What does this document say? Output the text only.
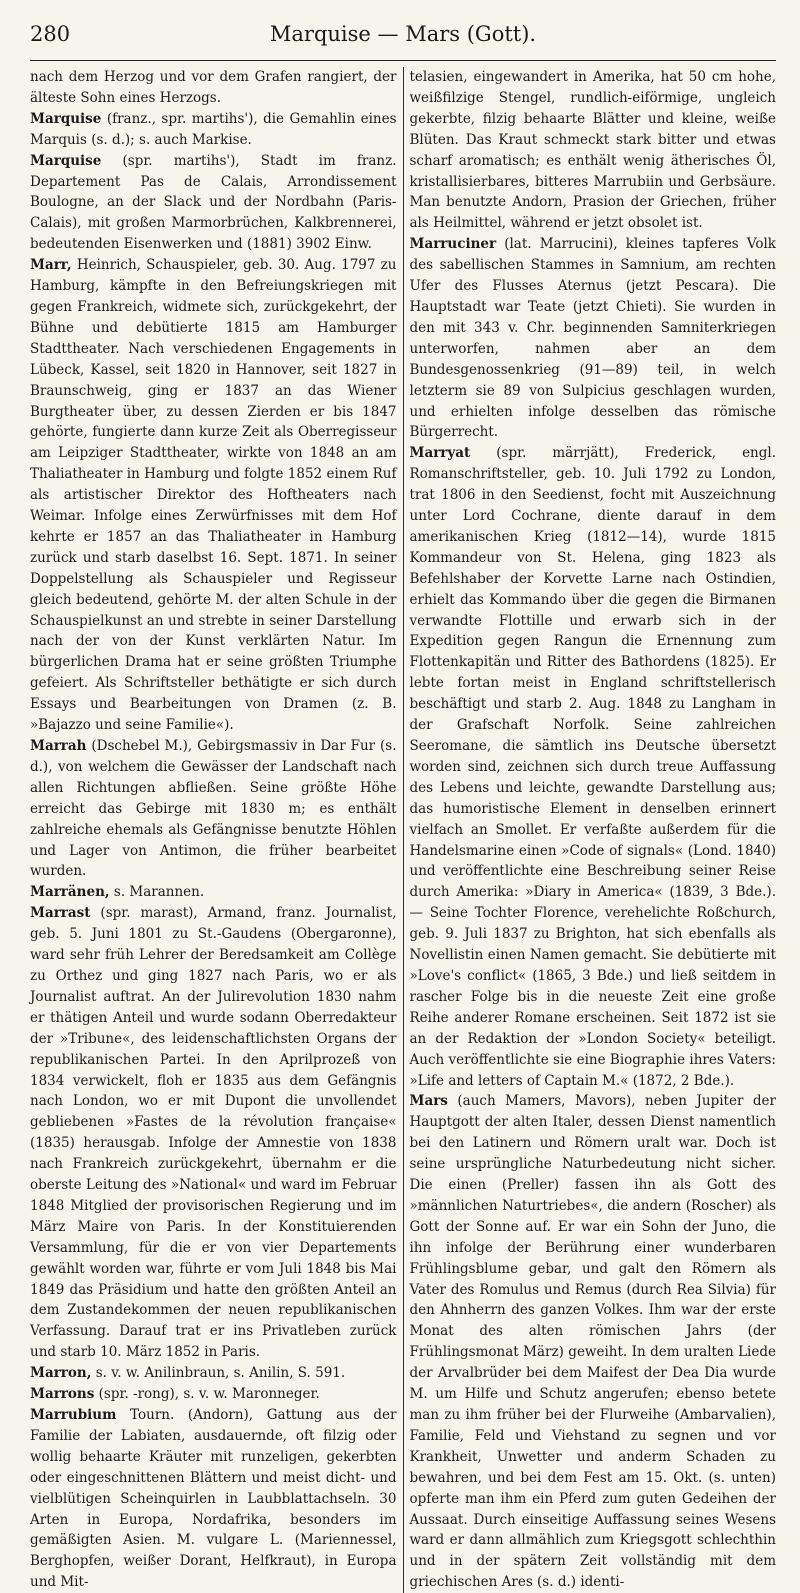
280	Marquise — Mars (Gott).

nach dem Herzog und vor dem Grafen rangiert, der älteste Sohn eines Herzogs.

Marquise (franz., spr. martihs'), die Gemahlin eines Marquis (s. d.); s. auch Markise.

Marquise (spr. martihs'), Stadt im franz. Departement Pas de Calais, Arrondissement Boulogne, an der Slack und der Nordbahn (Paris-Calais), mit großen Marmorbrüchen, Kalkbrennerei, bedeutenden Eisenwerken und (1881) 3902 Einw.

Marr, Heinrich, Schauspieler, geb. 30. Aug. 1797 zu Hamburg, kämpfte in den Befreiungskriegen mit gegen Frankreich, widmete sich, zurückgekehrt, der Bühne und debütierte 1815 am Hamburger Stadttheater. Nach verschiedenen Engagements in Lübeck, Kassel, seit 1820 in Hannover, seit 1827 in Braunschweig, ging er 1837 an das Wiener Burgtheater über, zu dessen Zierden er bis 1847 gehörte, fungierte dann kurze Zeit als Oberregisseur am Leipziger Stadttheater, wirkte von 1848 an am Thaliatheater in Hamburg und folgte 1852 einem Ruf als artistischer Direktor des Hoftheaters nach Weimar. Infolge eines Zerwürfnisses mit dem Hof kehrte er 1857 an das Thaliatheater in Hamburg zurück und starb daselbst 16. Sept. 1871. In seiner Doppelstellung als Schauspieler und Regisseur gleich bedeutend, gehörte M. der alten Schule in der Schauspielkunst an und strebte in seiner Darstellung nach der von der Kunst verklärten Natur. Im bürgerlichen Drama hat er seine größten Triumphe gefeiert. Als Schriftsteller bethätigte er sich durch Essays und Bearbeitungen von Dramen (z. B. »Bajazzo und seine Familie«).

Marrah (Dschebel M.), Gebirgsmassiv in Dar Fur (s. d.), von welchem die Gewässer der Landschaft nach allen Richtungen abfließen. Seine größte Höhe erreicht das Gebirge mit 1830 m; es enthält zahlreiche ehemals als Gefängnisse benutzte Höhlen und Lager von Antimon, die früher bearbeitet wurden.

Marränen, s. Marannen.

Marrast (spr. marast), Armand, franz. Journalist, geb. 5. Juni 1801 zu St.-Gaudens (Obergaronne), ward sehr früh Lehrer der Beredsamkeit am Collège zu Orthez und ging 1827 nach Paris, wo er als Journalist auftrat. An der Julirevolution 1830 nahm er thätigen Anteil und wurde sodann Oberredakteur der »Tribune«, des leidenschaftlichsten Organs der republikanischen Partei. In den Aprilprozeß von 1834 verwickelt, floh er 1835 aus dem Gefängnis nach London, wo er mit Dupont die unvollendet gebliebenen »Fastes de la révolution française« (1835) herausgab. Infolge der Amnestie von 1838 nach Frankreich zurückgekehrt, übernahm er die oberste Leitung des »National« und ward im Februar 1848 Mitglied der provisorischen Regierung und im März Maire von Paris. In der Konstituierenden Versammlung, für die er von vier Departements gewählt worden war, führte er vom Juli 1848 bis Mai 1849 das Präsidium und hatte den größten Anteil an dem Zustandekommen der neuen republikanischen Verfassung. Darauf trat er ins Privatleben zurück und starb 10. März 1852 in Paris.

Marron, s. v. w. Anilinbraun, s. Anilin, S. 591.

Marrons (spr. -rong), s. v. w. Maronneger.

Marrubium Tourn. (Andorn), Gattung aus der Familie der Labiaten, ausdauernde, oft filzig oder wollig behaarte Kräuter mit runzeligen, gekerbten oder eingeschnittenen Blättern und meist dicht- und vielblütigen Scheinquirlen in Laubblattachseln. 30 Arten in Europa, Nordafrika, besonders im gemäßigten Asien. M. vulgare L. (Mariennessel, Berghopfen, weißer Dorant, Helfkraut), in Europa und Mit-

telasien, eingewandert in Amerika, hat 50 cm hohe, weißfilzige Stengel, rundlich-eiförmige, ungleich gekerbte, filzig behaarte Blätter und kleine, weiße Blüten. Das Kraut schmeckt stark bitter und etwas scharf aromatisch; es enthält wenig ätherisches Öl, kristallisierbares, bitteres Marrubiin und Gerbsäure. Man benutzte Andorn, Prasion der Griechen, früher als Heilmittel, während er jetzt obsolet ist.

Marruciner (lat. Marrucini), kleines tapferes Volk des sabellischen Stammes in Samnium, am rechten Ufer des Flusses Aternus (jetzt Pescara). Die Hauptstadt war Teate (jetzt Chieti). Sie wurden in den mit 343 v. Chr. beginnenden Samniterkriegen unterworfen, nahmen aber an dem Bundesgenossenkrieg (91—89) teil, in welch letzterm sie 89 von Sulpicius geschlagen wurden, und erhielten infolge desselben das römische Bürgerrecht.

Marryat (spr. märrjätt), Frederick, engl. Romanschriftsteller, geb. 10. Juli 1792 zu London, trat 1806 in den Seedienst, focht mit Auszeichnung unter Lord Cochrane, diente darauf in dem amerikanischen Krieg (1812—14), wurde 1815 Kommandeur von St. Helena, ging 1823 als Befehlshaber der Korvette Larne nach Ostindien, erhielt das Kommando über die gegen die Birmanen verwandte Flottille und erwarb sich in der Expedition gegen Rangun die Ernennung zum Flottenkapitän und Ritter des Bathordens (1825). Er lebte fortan meist in England schriftstellerisch beschäftigt und starb 2. Aug. 1848 zu Langham in der Grafschaft Norfolk. Seine zahlreichen Seeromane, die sämtlich ins Deutsche übersetzt worden sind, zeichnen sich durch treue Auffassung des Lebens und leichte, gewandte Darstellung aus; das humoristische Element in denselben erinnert vielfach an Smollet. Er verfaßte außerdem für die Handelsmarine einen »Code of signals« (Lond. 1840) und veröffentlichte eine Beschreibung seiner Reise durch Amerika: »Diary in America« (1839, 3 Bde.). — Seine Tochter Florence, verehelichte Roßchurch, geb. 9. Juli 1837 zu Brighton, hat sich ebenfalls als Novellistin einen Namen gemacht. Sie debütierte mit »Love's conflict« (1865, 3 Bde.) und ließ seitdem in rascher Folge bis in die neueste Zeit eine große Reihe anderer Romane erscheinen. Seit 1872 ist sie an der Redaktion der »London Society« beteiligt. Auch veröffentlichte sie eine Biographie ihres Vaters: »Life and letters of Captain M.« (1872, 2 Bde.).

Mars (auch Mamers, Mavors), neben Jupiter der Hauptgott der alten Italer, dessen Dienst namentlich bei den Latinern und Römern uralt war. Doch ist seine ursprüngliche Naturbedeutung nicht sicher. Die einen (Preller) fassen ihn als Gott des »männlichen Naturtriebes«, die andern (Roscher) als Gott der Sonne auf. Er war ein Sohn der Juno, die ihn infolge der Berührung einer wunderbaren Frühlingsblume gebar, und galt den Römern als Vater des Romulus und Remus (durch Rea Silvia) für den Ahnherrn des ganzen Volkes. Ihm war der erste Monat des alten römischen Jahrs (der Frühlingsmonat März) geweiht. In dem uralten Liede der Arvalbrüder bei dem Maifest der Dea Dia wurde M. um Hilfe und Schutz angerufen; ebenso betete man zu ihm früher bei der Flurweihe (Ambarvalien), Familie, Feld und Viehstand zu segnen und vor Krankheit, Unwetter und anderm Schaden zu bewahren, und bei dem Fest am 15. Okt. (s. unten) opferte man ihm ein Pferd zum guten Gedeihen der Aussaat. Durch einseitige Auffassung seines Wesens ward er dann allmählich zum Kriegsgott schlechthin und in der spätern Zeit vollständig mit dem griechischen Ares (s. d.) identi-
